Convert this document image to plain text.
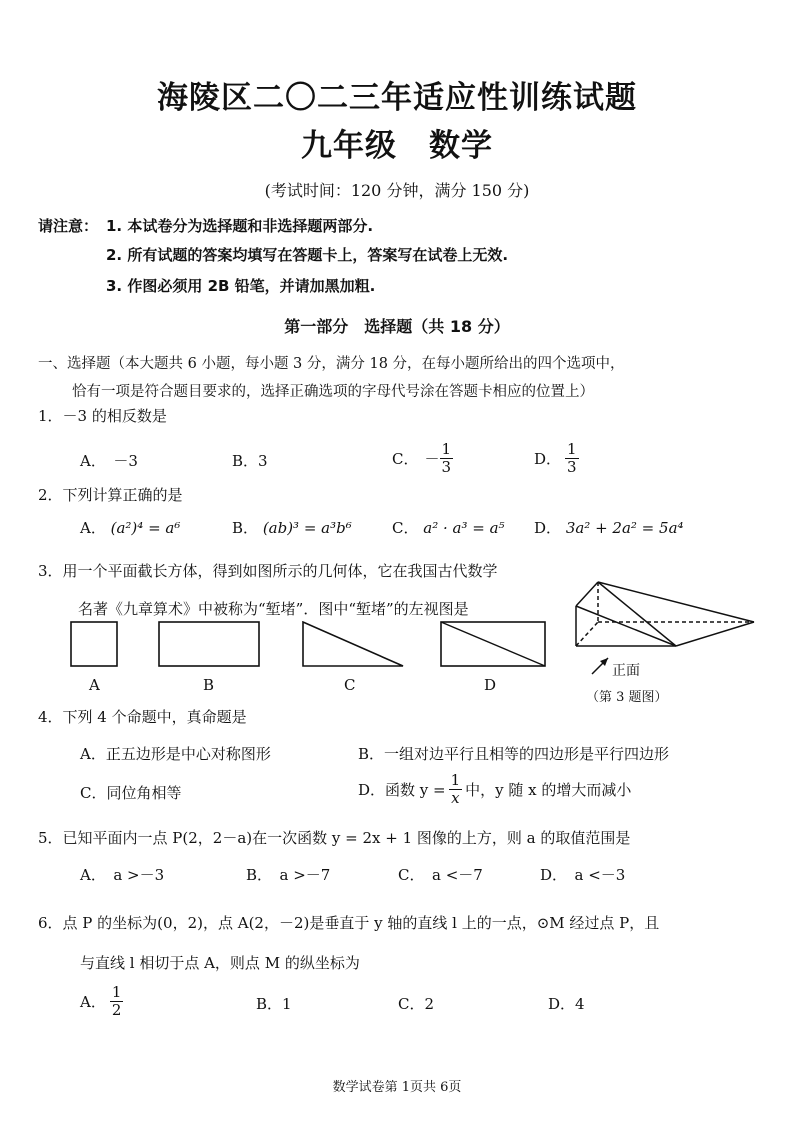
海陵区二〇二三年适应性训练试题
九年级　数学
(考试时间：120 分钟，满分 150 分)
请注意： 1. 本试卷分为选择题和非选择题两部分.
2. 所有试题的答案均填写在答题卡上，答案写在试卷上无效.
3. 作图必须用 2B 铅笔，并请加黑加粗.
第一部分　选择题（共 18 分）
一、选择题（本大题共 6 小题，每小题 3 分，满分 18 分，在每小题所给出的四个选项中，
恰有一项是符合题目要求的，选择正确选项的字母代号涂在答题卡相应的位置上）
1．－3 的相反数是
A．　－3	B．3	C． － $\frac{1}{3}$	D． $\frac{1}{3}$
2．下列计算正确的是
A． (a²)⁴ = a⁶	B． (ab)³ = a³b⁶	C． a² · a³ = a⁵ D． 3a² + 2a² = 5a⁴
3．用一个平面截长方体，得到如图所示的几何体，它在我国古代数学
名著《九章算术》中被称为“堑堵”．图中“堑堵”的左视图是
A	B	C	D
正面
（第 3 题图）
4．下列 4 个命题中，真命题是
A．正五边形是中心对称图形	B．一组对边平行且相等的四边形是平行四边形
C．同位角相等	D．函数 $y = \frac{1}{x}$ 中，y 随 x 的增大而减小
5．已知平面内一点 P(2，2－a)在一次函数 y = 2x + 1 图像的上方，则 a 的取值范围是
A．　a >－3	B．　a >－7	C．　a <－7	D．　a <－3
6．点 P 的坐标为(0，2)，点 A(2，－2)是垂直于 y 轴的直线 l 上的一点，⊙M 经过点 P，且
与直线 l 相切于点 A，则点 M 的纵坐标为
A． $\frac{1}{2}$	B．1	C．2	D．4
数学试卷第 1页共 6页
